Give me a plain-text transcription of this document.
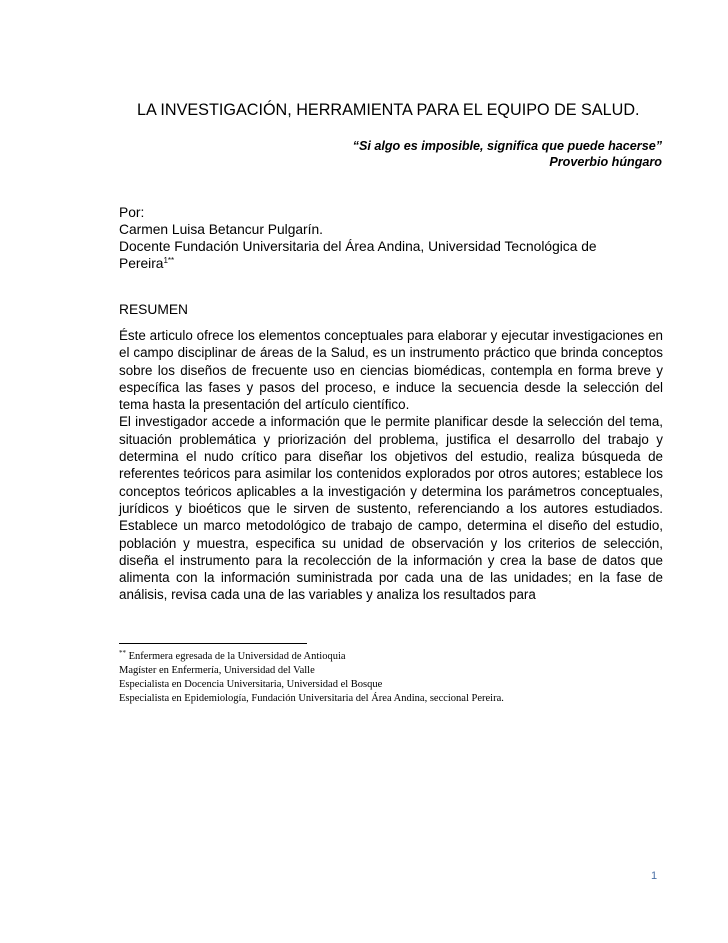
LA INVESTIGACIÓN, HERRAMIENTA PARA EL EQUIPO DE SALUD.
“Si algo es imposible, significa que puede hacerse”
Proverbio húngaro
Por:
Carmen Luisa Betancur Pulgarín.
Docente Fundación Universitaria del Área Andina, Universidad Tecnológica de
Pereira$^{1**}$
RESUMEN

Éste articulo ofrece los elementos conceptuales para elaborar y ejecutar investigaciones en el campo disciplinar de áreas de la Salud, es un instrumento práctico que brinda conceptos sobre los diseños de frecuente uso en ciencias biomédicas, contempla en forma breve y específica las fases y pasos del proceso, e induce la secuencia desde la selección del tema hasta la presentación del artículo científico.

El investigador accede a información que le permite planificar desde la selección del tema, situación problemática y priorización del problema, justifica el desarrollo del trabajo y determina el nudo crítico para diseñar los objetivos del estudio, realiza búsqueda de referentes teóricos para asimilar los contenidos explorados por otros autores; establece los conceptos teóricos aplicables a la investigación y determina los parámetros conceptuales, jurídicos y bioéticos que le sirven de sustento, referenciando a los autores estudiados. Establece un marco metodológico de trabajo de campo, determina el diseño del estudio, población y muestra, especifica su unidad de observación y los criterios de selección, diseña el instrumento para la recolección de la información y crea la base de datos que alimenta con la información suministrada por cada una de las unidades; en la fase de análisis, revisa cada una de las variables y analiza los resultados para

** Enfermera egresada de la Universidad de Antioquia
Magíster en Enfermería, Universidad del Valle
Especialista en Docencia Universitaria, Universidad el Bosque
Especialista en Epidemiología, Fundación Universitaria del Área Andina, seccional Pereira.
1
